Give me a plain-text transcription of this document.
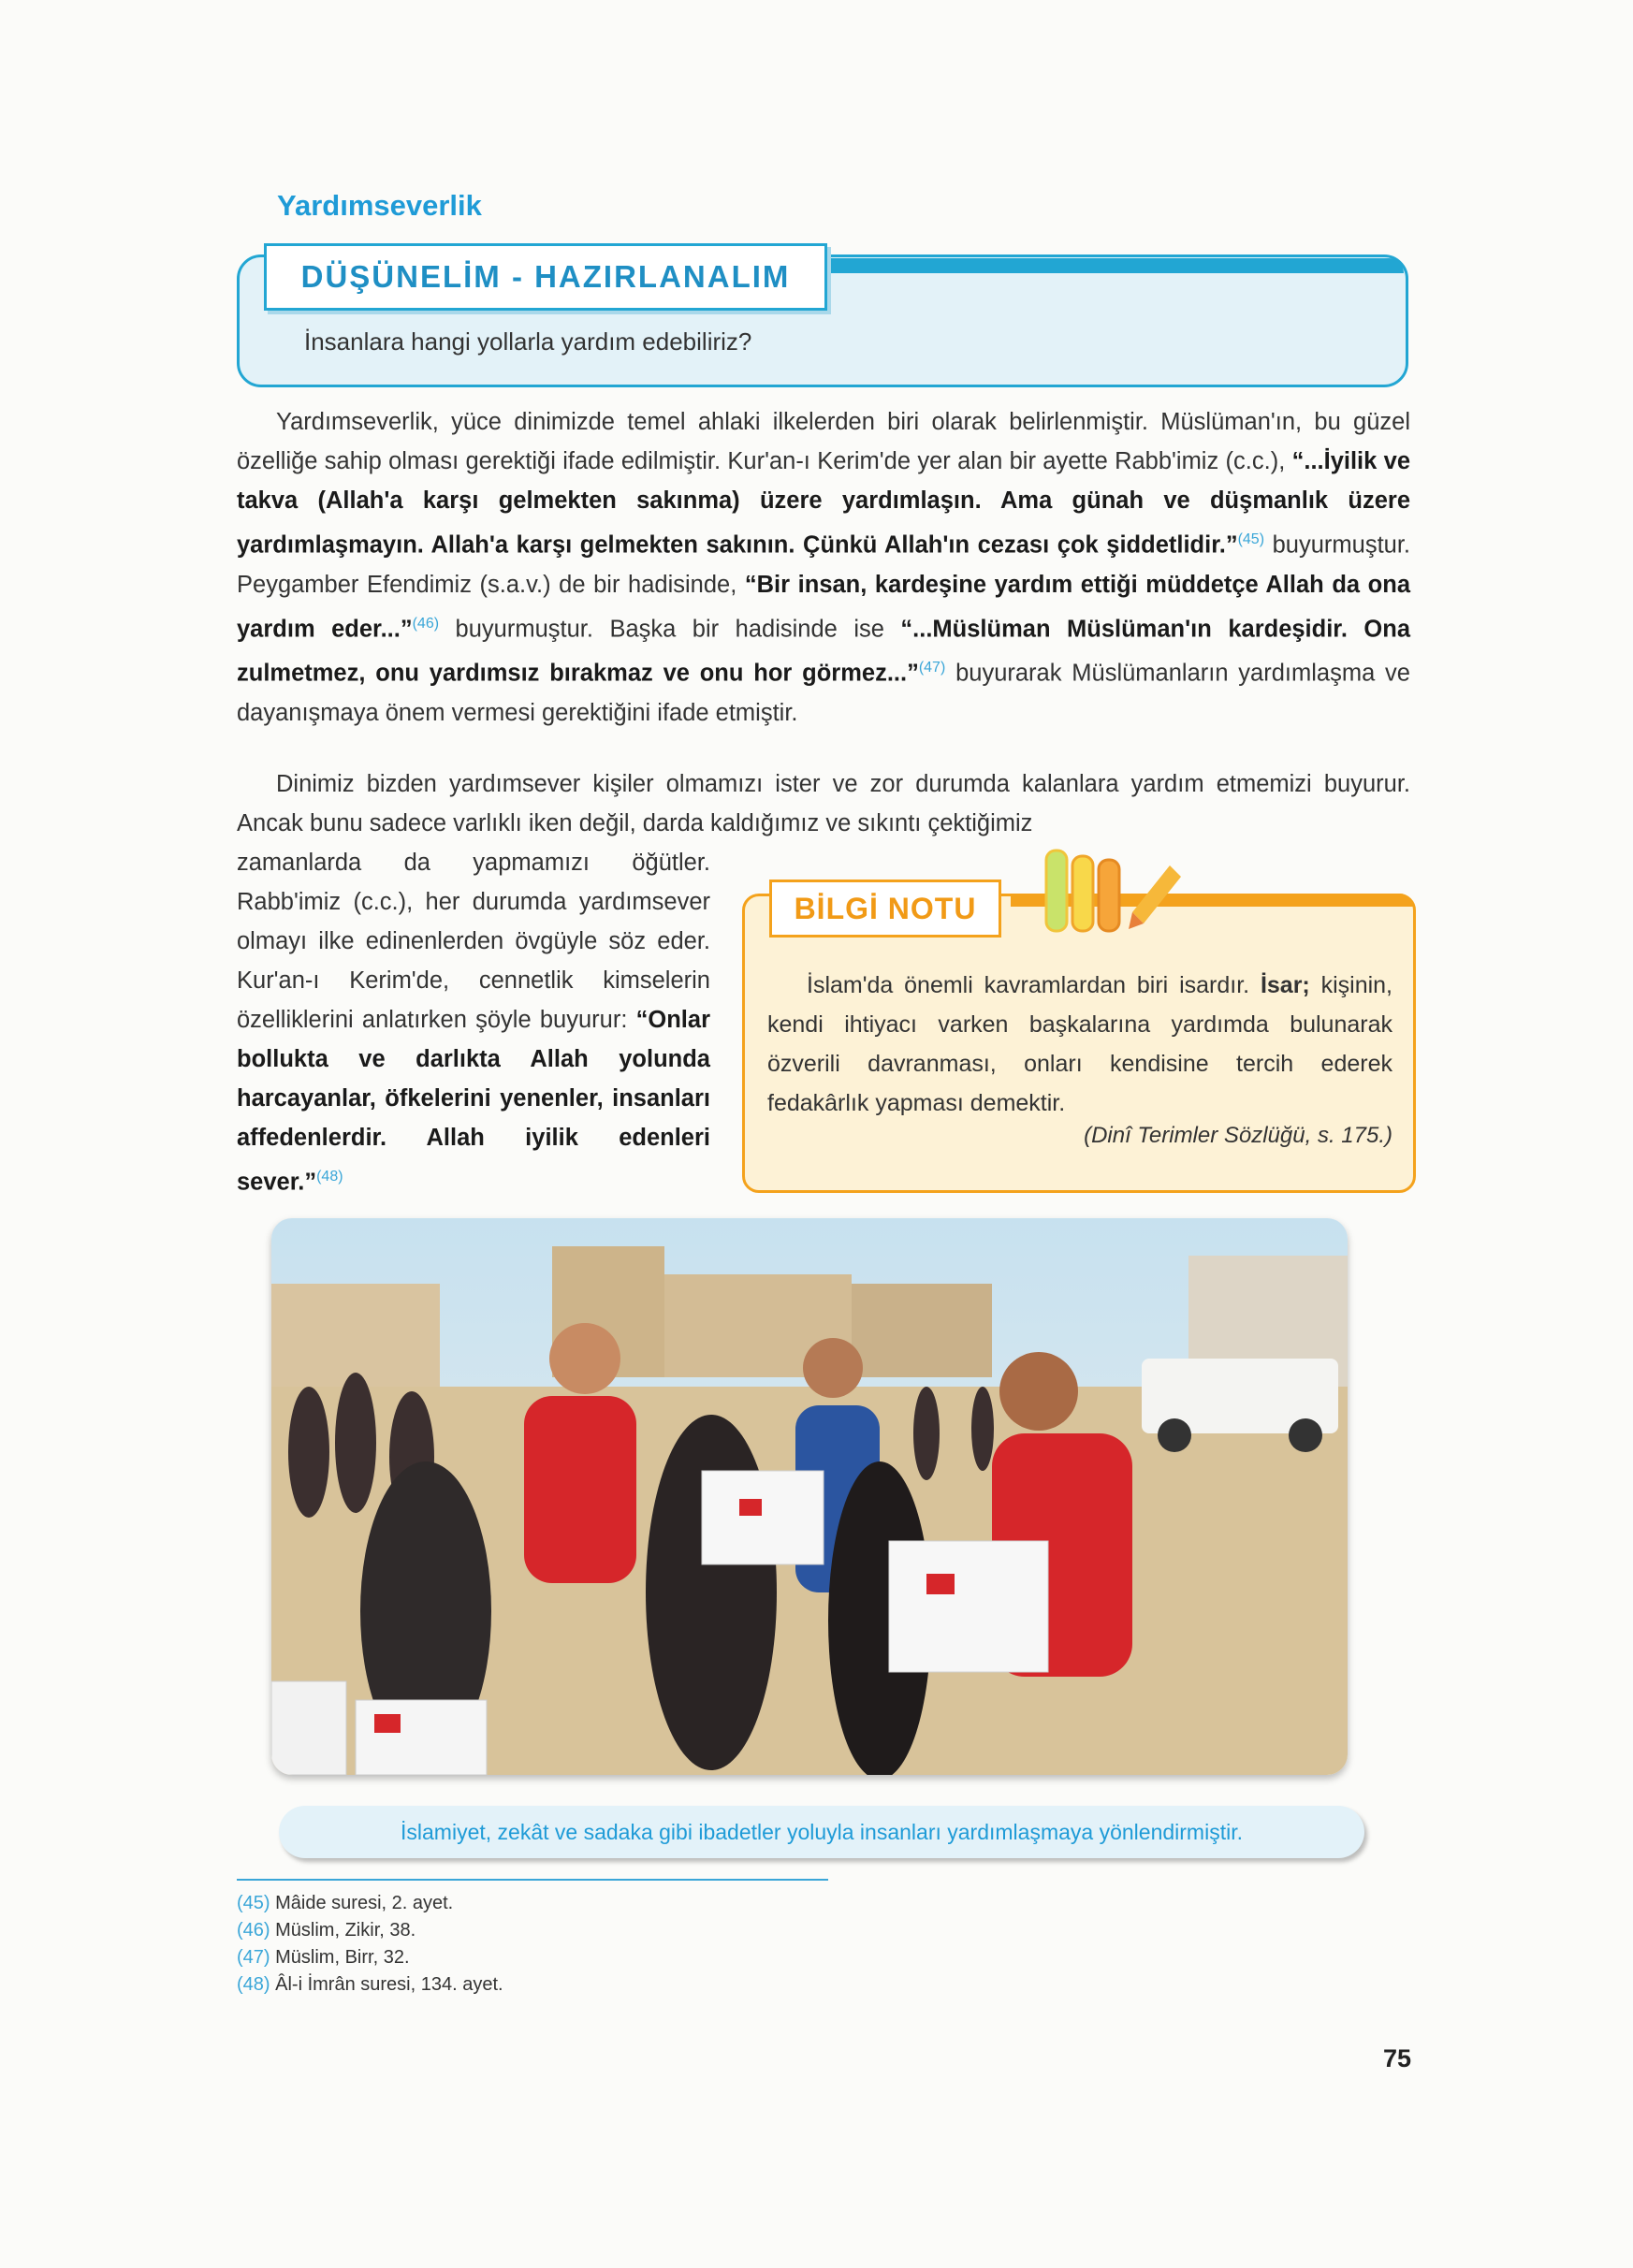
Yardımseverlik
DÜŞÜNELİM - HAZIRLANALIM
İnsanlara hangi yollarla yardım edebiliriz?
Yardımseverlik, yüce dinimizde temel ahlaki ilkelerden biri olarak belirlenmiştir. Müslüman'ın, bu güzel özelliğe sahip olması gerektiği ifade edilmiştir. Kur'an-ı Kerim'de yer alan bir ayette Rabb'imiz (c.c.), “...İyilik ve takva (Allah'a karşı gelmekten sakınma) üzere yardımlaşın. Ama günah ve düşmanlık üzere yardımlaşmayın. Allah'a karşı gelmekten sakının. Çünkü Allah'ın cezası çok şiddetlidir.”$^{(45)}$ buyurmuştur. Peygamber Efendimiz (s.a.v.) de bir hadisinde, “Bir insan, kardeşine yardım ettiği müddetçe Allah da ona yardım eder...”$^{(46)}$ buyurmuştur. Başka bir hadisinde ise “...Müslüman Müslüman'ın kardeşidir. Ona zulmetmez, onu yardımsız bırakmaz ve onu hor görmez...”$^{(47)}$ buyurarak Müslümanların yardımlaşma ve dayanışmaya önem vermesi gerektiğini ifade etmiştir.
Dinimiz bizden yardımsever kişiler olmamızı ister ve zor durumda kalanlara yardım etmemizi buyurur. Ancak bunu sadece varlıklı iken değil, darda kaldığımız ve sıkıntı çektiğimiz
zamanlarda da yapmamızı öğütler. Rabb'imiz (c.c.), her durumda yardımsever olmayı ilke edinenlerden övgüyle söz eder. Kur'an-ı Kerim'de, cennetlik kimselerin özelliklerini anlatırken şöyle buyurur: “Onlar bollukta ve darlıkta Allah yolunda harcayanlar, öfkelerini yenenler, insanları affedenlerdir. Allah iyilik edenleri sever.”$^{(48)}$
BİLGİ NOTU
İslam'da önemli kavramlardan biri isardır. İsar; kişinin, kendi ihtiyacı varken başkalarına yardımda bulunarak özverili davranması, onları kendisine tercih ederek fedakârlık yapması demektir.
(Dinî Terimler Sözlüğü, s. 175.)
İslamiyet, zekât ve sadaka gibi ibadetler yoluyla insanları yardımlaşmaya yönlendirmiştir.
(45) Mâide suresi, 2. ayet.
(46) Müslim, Zikir, 38.
(47) Müslim, Birr, 32.
(48) Âl-i İmrân suresi, 134. ayet.
75
